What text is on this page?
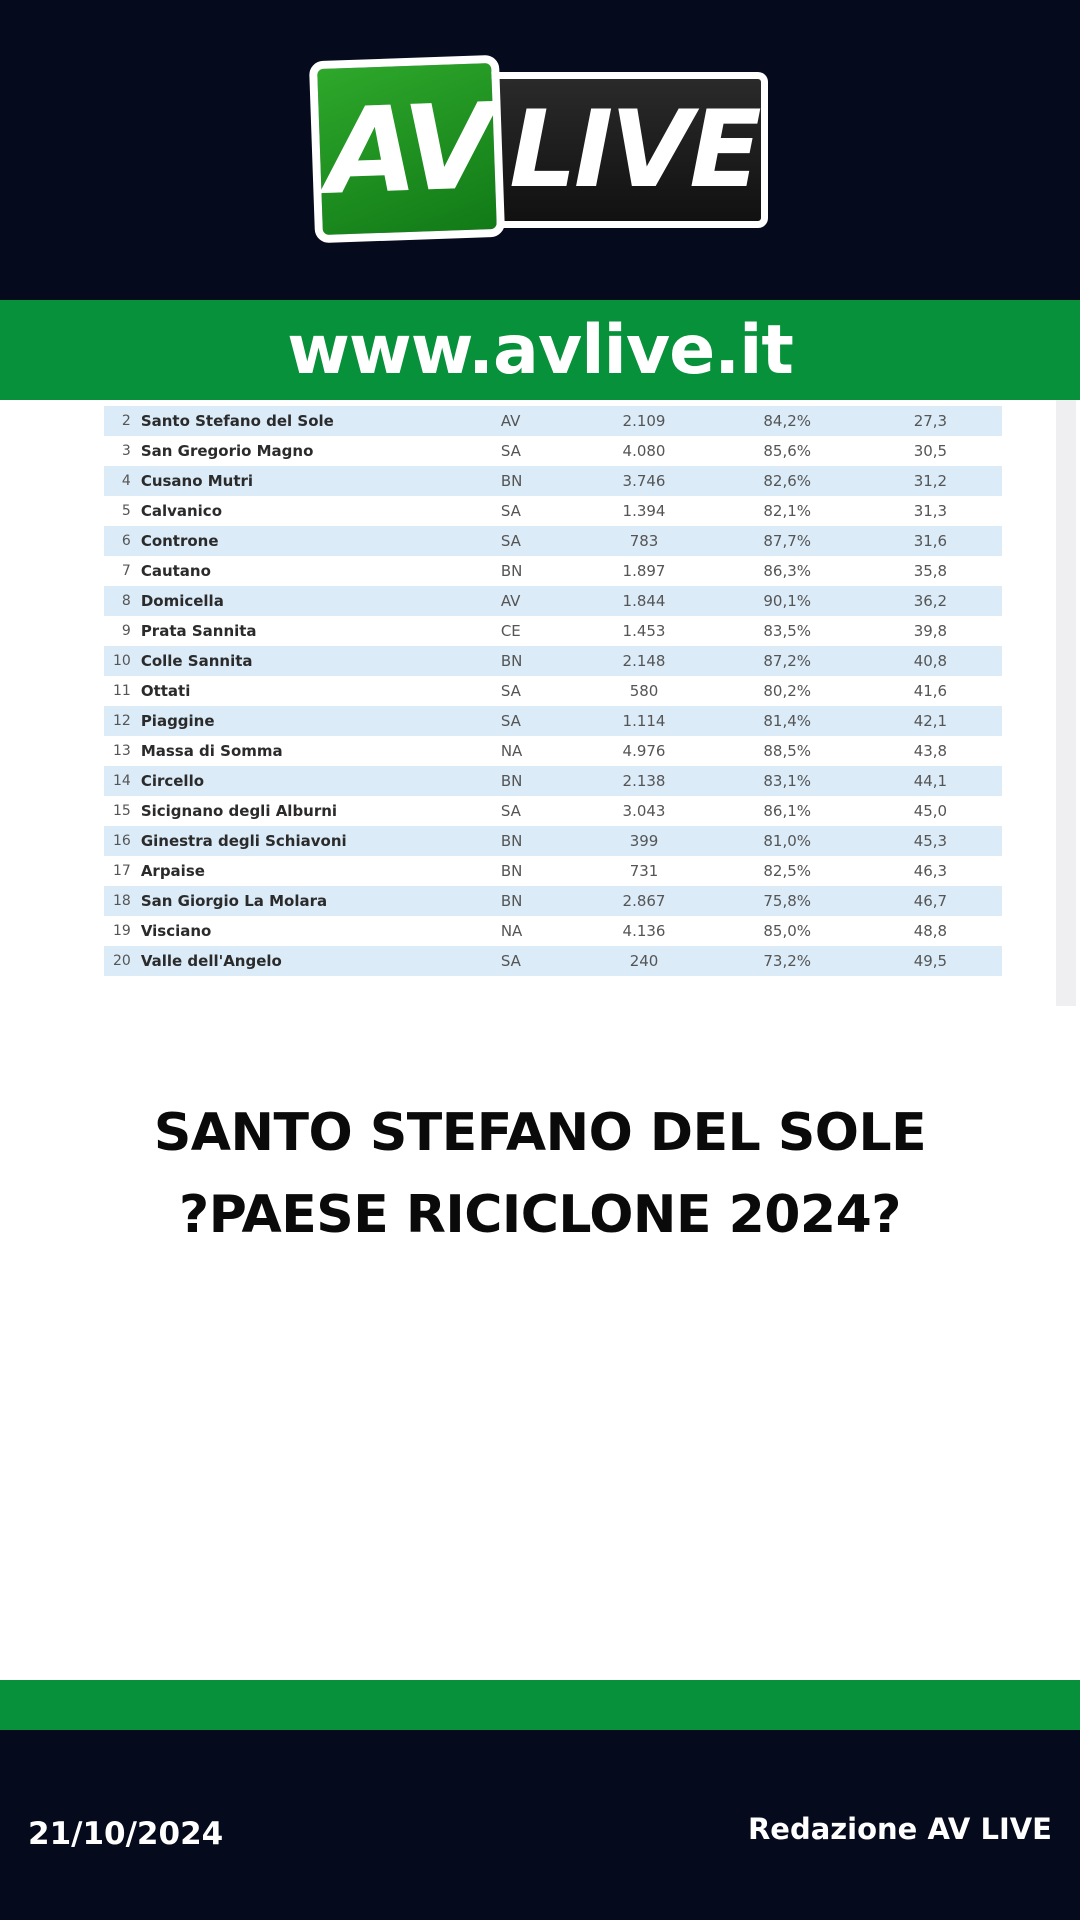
AV LIVE
www.avlive.it
2	Santo Stefano del Sole	AV	2.109	84,2%	27,3
3	San Gregorio Magno	SA	4.080	85,6%	30,5
4	Cusano Mutri	BN	3.746	82,6%	31,2
5	Calvanico	SA	1.394	82,1%	31,3
6	Controne	SA	783	87,7%	31,6
7	Cautano	BN	1.897	86,3%	35,8
8	Domicella	AV	1.844	90,1%	36,2
9	Prata Sannita	CE	1.453	83,5%	39,8
10	Colle Sannita	BN	2.148	87,2%	40,8
11	Ottati	SA	580	80,2%	41,6
12	Piaggine	SA	1.114	81,4%	42,1
13	Massa di Somma	NA	4.976	88,5%	43,8
14	Circello	BN	2.138	83,1%	44,1
15	Sicignano degli Alburni	SA	3.043	86,1%	45,0
16	Ginestra degli Schiavoni	BN	399	81,0%	45,3
17	Arpaise	BN	731	82,5%	46,3
18	San Giorgio La Molara	BN	2.867	75,8%	46,7
19	Visciano	NA	4.136	85,0%	48,8
20	Valle dell'Angelo	SA	240	73,2%	49,5
SANTO STEFANO DEL SOLE
?PAESE RICICLONE 2024?
21/10/2024	Redazione AV LIVE
